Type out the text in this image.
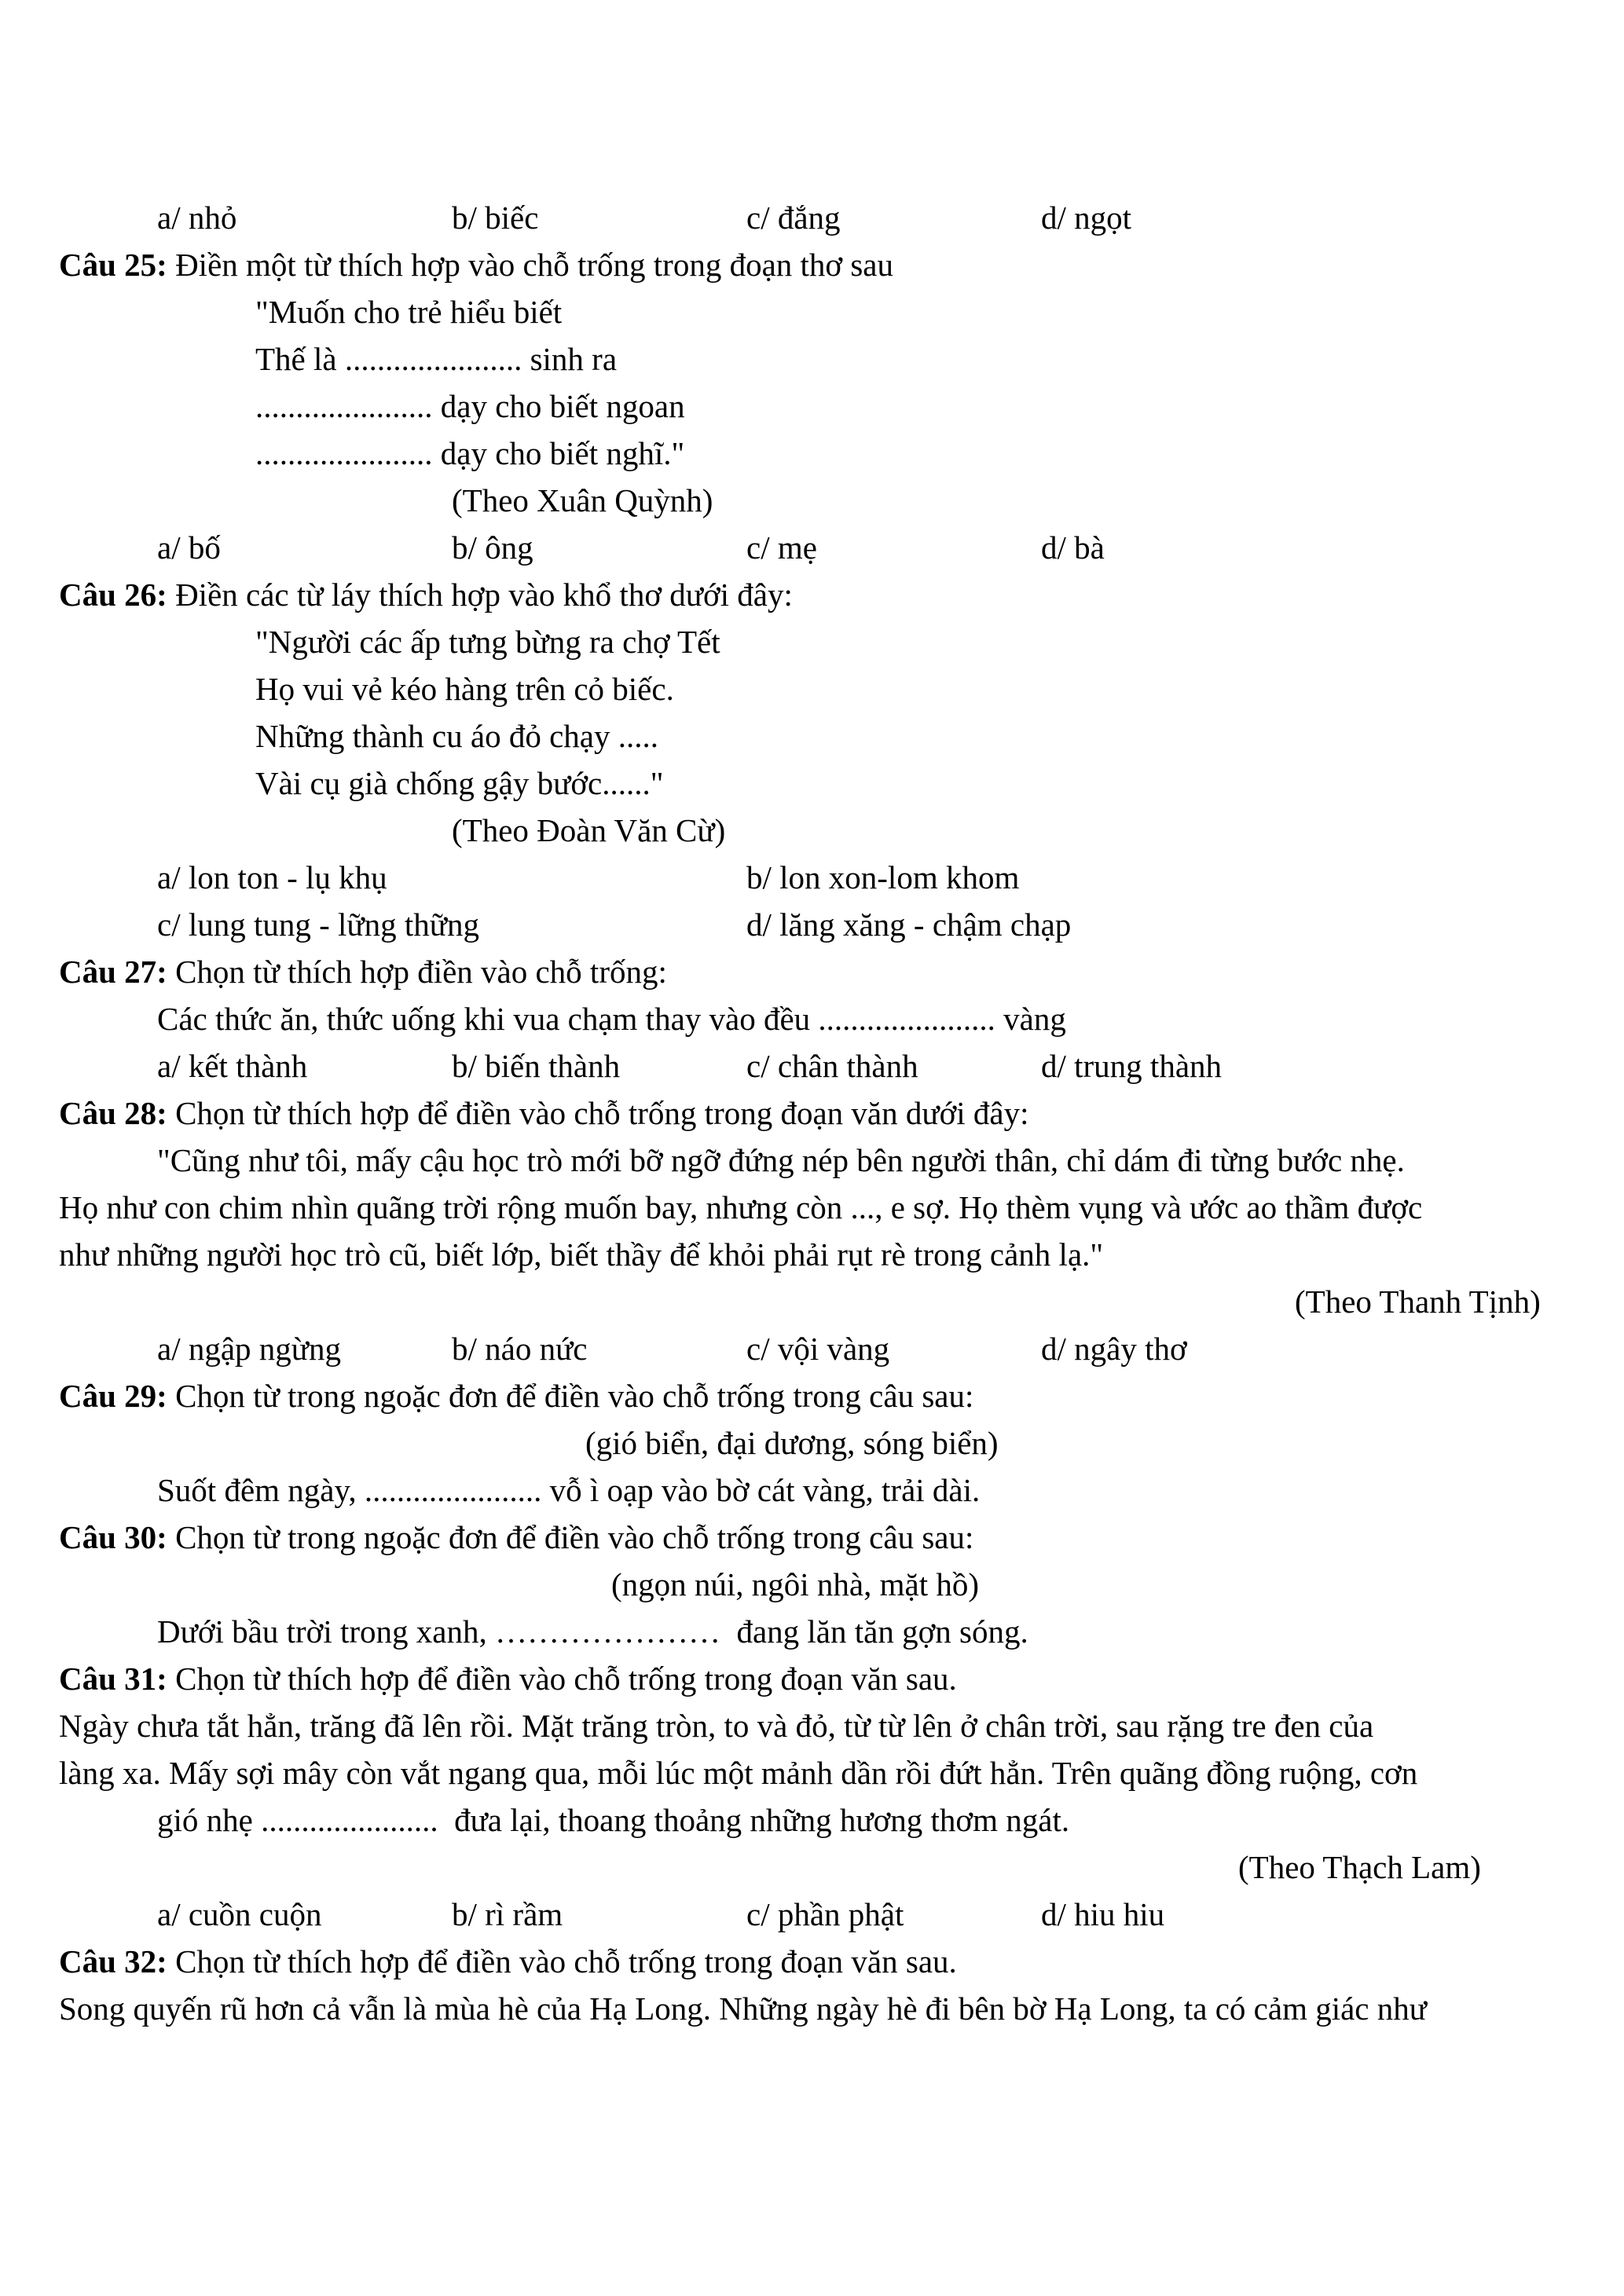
a/ nhỏ

	b/ biếc

	c/ đắng

	d/ ngọt

Câu 25: Điền một từ thích hợp vào chỗ trống trong đoạn thơ sau

"Muốn cho trẻ hiểu biết
Thế là ...................... sinh ra
...................... dạy cho biết ngoan
...................... dạy cho biết nghĩ."
(Theo Xuân Quỳnh)

a/ bố

	b/ ông

	c/ mẹ

	d/ bà

Câu 26: Điền các từ láy thích hợp vào khổ thơ dưới đây:

"Người các ấp tưng bừng ra chợ Tết
Họ vui vẻ kéo hàng trên cỏ biếc.
Những thành cu áo đỏ chạy .....
Vài cụ già chống gậy bước......"
(Theo Đoàn Văn Cừ)

a/ lon ton - lụ khụ

	b/ lon xon-lom khom

c/ lung tung - lững thững

	d/ lăng xăng - chậm chạp

Câu 27: Chọn từ thích hợp điền vào chỗ trống:

Các thức ăn, thức uống khi vua chạm thay vào đều ...................... vàng

a/ kết thành

	b/ biến thành

	c/ chân thành

	d/ trung thành

Câu 28: Chọn từ thích hợp để điền vào chỗ trống trong đoạn văn dưới đây:

"Cũng như tôi, mấy cậu học trò mới bỡ ngỡ đứng nép bên người thân, chỉ dám đi từng bước nhẹ.
Họ như con chim nhìn quãng trời rộng muốn bay, nhưng còn ..., e sợ. Họ thèm vụng và ước ao thầm được
như những người học trò cũ, biết lớp, biết thầy để khỏi phải rụt rè trong cảnh lạ."
(Theo Thanh Tịnh)

a/ ngập ngừng

	b/ náo nức

	c/ vội vàng

	d/ ngây thơ

Câu 29: Chọn từ trong ngoặc đơn để điền vào chỗ trống trong câu sau:

(gió biển, đại dương, sóng biển)
Suốt đêm ngày, ...................... vỗ ì oạp vào bờ cát vàng, trải dài.

Câu 30: Chọn từ trong ngoặc đơn để điền vào chỗ trống trong câu sau:

(ngọn núi, ngôi nhà, mặt hồ)
Dưới bầu trời trong xanh, …………………  đang lăn tăn gợn sóng.

Câu 31: Chọn từ thích hợp để điền vào chỗ trống trong đoạn văn sau.

Ngày chưa tắt hẳn, trăng đã lên rồi. Mặt trăng tròn, to và đỏ, từ từ lên ở chân trời, sau rặng tre đen của
làng xa. Mấy sợi mây còn vắt ngang qua, mỗi lúc một mảnh dần rồi đứt hẳn. Trên quãng đồng ruộng, cơn
gió nhẹ ......................  đưa lại, thoang thoảng những hương thơm ngát.
(Theo Thạch Lam)

a/ cuồn cuộn

	b/ rì rầm

	c/ phần phật

	d/ hiu hiu

Câu 32: Chọn từ thích hợp để điền vào chỗ trống trong đoạn văn sau.

Song quyến rũ hơn cả vẫn là mùa hè của Hạ Long. Những ngày hè đi bên bờ Hạ Long, ta có cảm giác như
